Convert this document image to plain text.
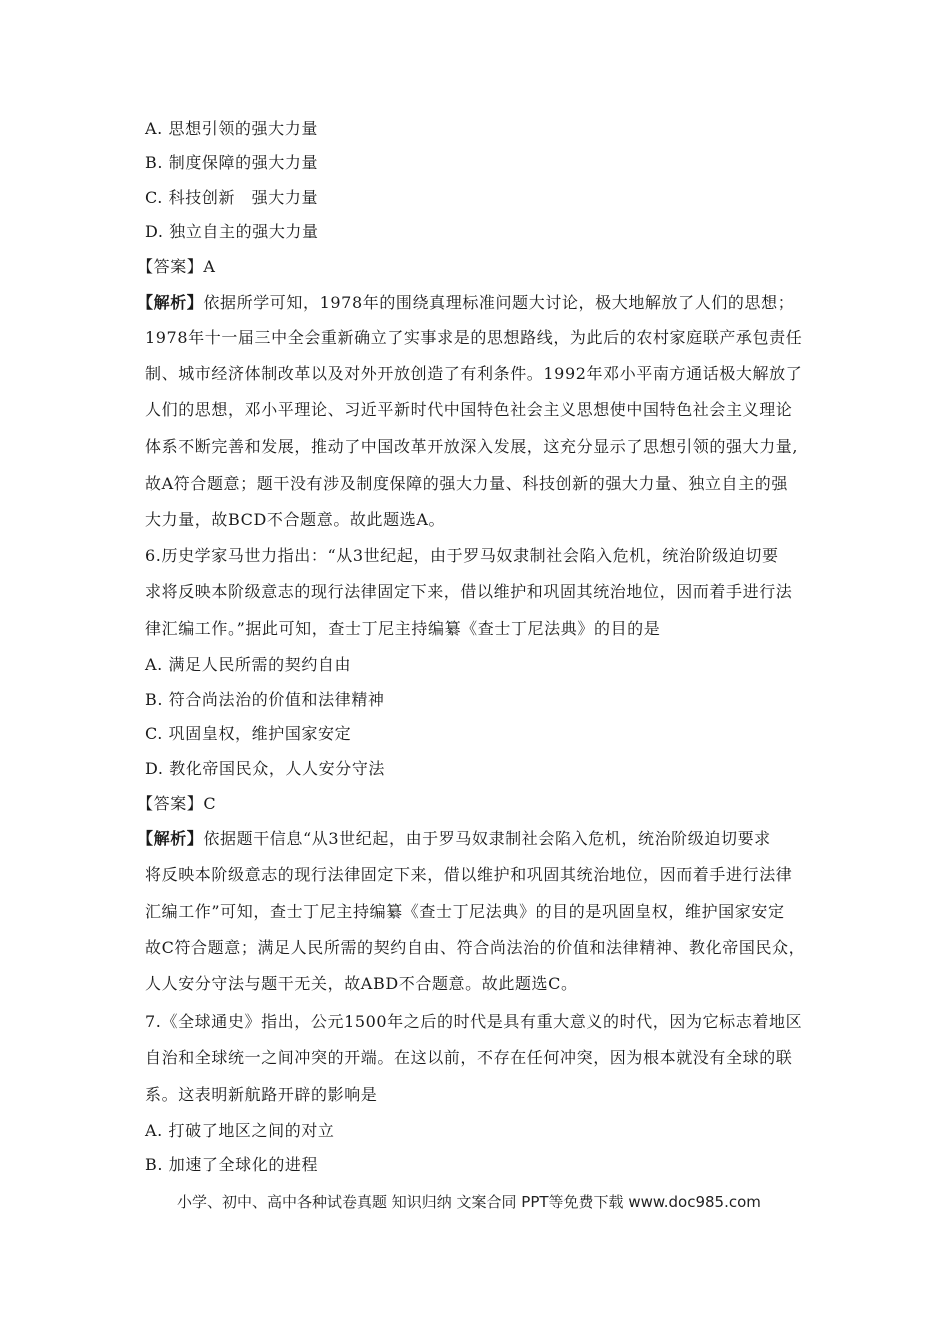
A. 思想引领的强大力量
B. 制度保障的强大力量
C. 科技创新　强大力量
D. 独立自主的强大力量
【答案】A
【解析】依据所学可知，1978年的围绕真理标准问题大讨论，极大地解放了人们的思想；
1978年十一届三中全会重新确立了实事求是的思想路线，为此后的农村家庭联产承包责任
制、城市经济体制改革以及对外开放创造了有利条件。1992年邓小平南方通话极大解放了
人们的思想，邓小平理论、习近平新时代中国特色社会主义思想使中国特色社会主义理论
体系不断完善和发展，推动了中国改革开放深入发展，这充分显示了思想引领的强大力量,
故A符合题意；题干没有涉及制度保障的强大力量、科技创新的强大力量、独立自主的强
大力量，故BCD不合题意。故此题选A。
6.历史学家马世力指出：“从3世纪起，由于罗马奴隶制社会陷入危机，统治阶级迫切要
求将反映本阶级意志的现行法律固定下来，借以维护和巩固其统治地位，因而着手进行法
律汇编工作。”据此可知，查士丁尼主持编纂《查士丁尼法典》的目的是
A. 满足人民所需的契约自由
B. 符合尚法治的价值和法律精神
C. 巩固皇权，维护国家安定
D. 教化帝国民众，人人安分守法
【答案】C
【解析】依据题干信息“从3世纪起，由于罗马奴隶制社会陷入危机，统治阶级迫切要求
将反映本阶级意志的现行法律固定下来，借以维护和巩固其统治地位，因而着手进行法律
汇编工作”可知，查士丁尼主持编纂《查士丁尼法典》的目的是巩固皇权，维护国家安定
故C符合题意；满足人民所需的契约自由、符合尚法治的价值和法律精神、教化帝国民众，
人人安分守法与题干无关，故ABD不合题意。故此题选C。
7.《全球通史》指出，公元1500年之后的时代是具有重大意义的时代，因为它标志着地区
自治和全球统一之间冲突的开端。在这以前，不存在任何冲突，因为根本就没有全球的联
系。这表明新航路开辟的影响是
A. 打破了地区之间的对立
B. 加速了全球化的进程
小学、初中、高中各种试卷真题 知识归纳 文案合同 PPT等免费下载 www.doc985.com
